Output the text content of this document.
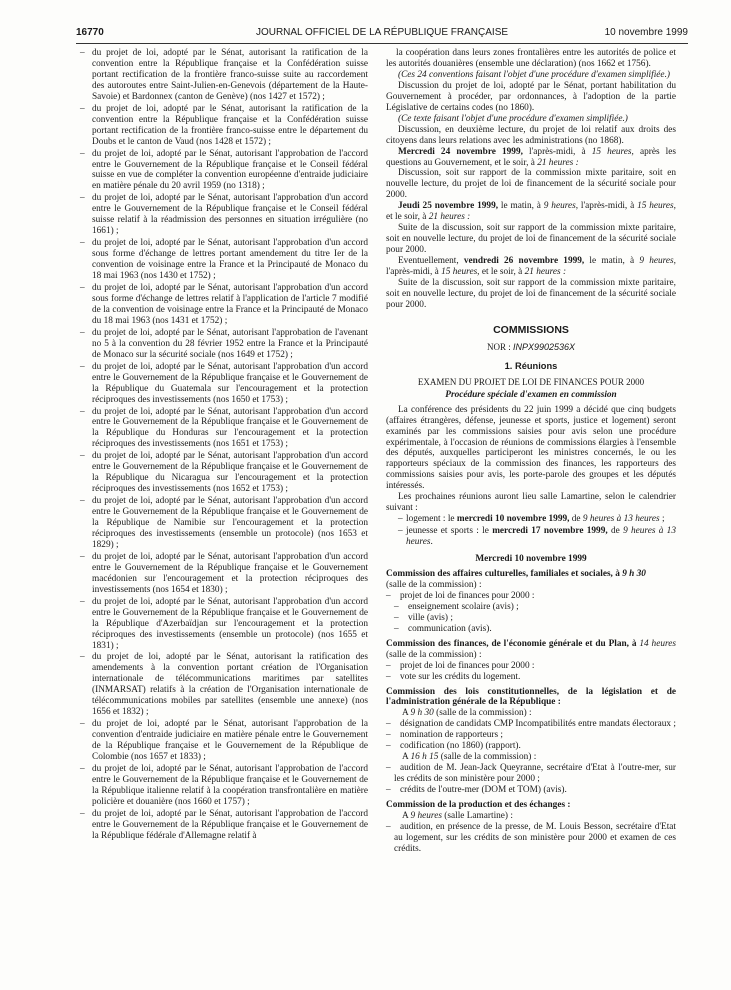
16770	JOURNAL OFFICIEL DE LA RÉPUBLIQUE FRANÇAISE	10 novembre 1999
– du projet de loi, adopté par le Sénat, autorisant la ratification de la convention entre la République française et la Confédération suisse portant rectification de la frontière franco-suisse suite au raccordement des autoroutes entre Saint-Julien-en-Genevois (département de la Haute-Savoie) et Bardonnex (canton de Genève) (nos 1427 et 1572) ;
– du projet de loi, adopté par le Sénat, autorisant la ratification de la convention entre la République française et la Confédération suisse portant rectification de la frontière franco-suisse entre le département du Doubs et le canton de Vaud (nos 1428 et 1572) ;
– du projet de loi, adopté par le Sénat, autorisant l'approbation de l'accord entre le Gouvernement de la République française et le Conseil fédéral suisse en vue de compléter la convention européenne d'entraide judiciaire en matière pénale du 20 avril 1959 (no 1318) ;
– du projet de loi, adopté par le Sénat, autorisant l'approbation d'un accord entre le Gouvernement de la République française et le Conseil fédéral suisse relatif à la réadmission des personnes en situation irrégulière (no 1661) ;
– du projet de loi, adopté par le Sénat, autorisant l'approbation d'un accord sous forme d'échange de lettres portant amendement du titre Ier de la convention de voisinage entre la France et la Principauté de Monaco du 18 mai 1963 (nos 1430 et 1752) ;
– du projet de loi, adopté par le Sénat, autorisant l'approbation d'un accord sous forme d'échange de lettres relatif à l'application de l'article 7 modifié de la convention de voisinage entre la France et la Principauté de Monaco du 18 mai 1963 (nos 1431 et 1752) ;
– du projet de loi, adopté par le Sénat, autorisant l'approbation de l'avenant no 5 à la convention du 28 février 1952 entre la France et la Principauté de Monaco sur la sécurité sociale (nos 1649 et 1752) ;
– du projet de loi, adopté par le Sénat, autorisant l'approbation d'un accord entre le Gouvernement de la République française et le Gouvernement de la République du Guatemala sur l'encouragement et la protection réciproques des investissements (nos 1650 et 1753) ;
– du projet de loi, adopté par le Sénat, autorisant l'approbation d'un accord entre le Gouvernement de la République française et le Gouvernement de la République du Honduras sur l'encouragement et la protection réciproques des investissements (nos 1651 et 1753) ;
– du projet de loi, adopté par le Sénat, autorisant l'approbation d'un accord entre le Gouvernement de la République française et le Gouvernement de la République du Nicaragua sur l'encouragement et la protection réciproques des investissements (nos 1652 et 1753) ;
– du projet de loi, adopté par le Sénat, autorisant l'approbation d'un accord entre le Gouvernement de la République française et le Gouvernement de la République de Namibie sur l'encouragement et la protection réciproques des investissements (ensemble un protocole) (nos 1653 et 1829) ;
– du projet de loi, adopté par le Sénat, autorisant l'approbation d'un accord entre le Gouvernement de la République française et le Gouvernement macédonien sur l'encouragement et la protection réciproques des investissements (nos 1654 et 1830) ;
– du projet de loi, adopté par le Sénat, autorisant l'approbation d'un accord entre le Gouvernement de la République française et le Gouvernement de la République d'Azerbaïdjan sur l'encouragement et la protection réciproques des investissements (ensemble un protocole) (nos 1655 et 1831) ;
– du projet de loi, adopté par le Sénat, autorisant la ratification des amendements à la convention portant création de l'Organisation internationale de télécommunications maritimes par satellites (INMARSAT) relatifs à la création de l'Organisation internationale de télécommunications mobiles par satellites (ensemble une annexe) (nos 1656 et 1832) ;
– du projet de loi, adopté par le Sénat, autorisant l'approbation de la convention d'entraide judiciaire en matière pénale entre le Gouvernement de la République française et le Gouvernement de la République de Colombie (nos 1657 et 1833) ;
– du projet de loi, adopté par le Sénat, autorisant l'approbation de l'accord entre le Gouvernement de la République française et le Gouvernement de la République italienne relatif à la coopération transfrontalière en matière policière et douanière (nos 1660 et 1757) ;
– du projet de loi, adopté par le Sénat, autorisant l'approbation de l'accord entre le Gouvernement de la République française et le Gouvernement de la République fédérale d'Allemagne relatif à

la coopération dans leurs zones frontalières entre les autorités de police et les autorités douanières (ensemble une déclaration) (nos 1662 et 1756).

(Ces 24 conventions faisant l'objet d'une procédure d'examen simplifiée.)

Discussion du projet de loi, adopté par le Sénat, portant habilitation du Gouvernement à procéder, par ordonnances, à l'adoption de la partie Législative de certains codes (no 1860).

(Ce texte faisant l'objet d'une procédure d'examen simplifiée.)

Discussion, en deuxième lecture, du projet de loi relatif aux droits des citoyens dans leurs relations avec les administrations (no 1868).

Mercredi 24 novembre 1999, l'après-midi, à 15 heures, après les questions au Gouvernement, et le soir, à 21 heures :

Discussion, soit sur rapport de la commission mixte paritaire, soit en nouvelle lecture, du projet de loi de financement de la sécurité sociale pour 2000.

Jeudi 25 novembre 1999, le matin, à 9 heures, l'après-midi, à 15 heures, et le soir, à 21 heures :

Suite de la discussion, soit sur rapport de la commission mixte paritaire, soit en nouvelle lecture, du projet de loi de financement de la sécurité sociale pour 2000.

Eventuellement, vendredi 26 novembre 1999, le matin, à 9 heures, l'après-midi, à 15 heures, et le soir, à 21 heures :

Suite de la discussion, soit sur rapport de la commission mixte paritaire, soit en nouvelle lecture, du projet de loi de financement de la sécurité sociale pour 2000.

COMMISSIONS

NOR : INPX9902536X

1. Réunions

EXAMEN DU PROJET DE LOI DE FINANCES POUR 2000

Procédure spéciale d'examen en commission

La conférence des présidents du 22 juin 1999 a décidé que cinq budgets (affaires étrangères, défense, jeunesse et sports, justice et logement) seront examinés par les commissions saisies pour avis selon une procédure expérimentale, à l'occasion de réunions de commissions élargies à l'ensemble des députés, auxquelles participeront les ministres concernés, le ou les rapporteurs spéciaux de la commission des finances, les rapporteurs des commissions saisies pour avis, les porte-parole des groupes et les députés intéressés.

Les prochaines réunions auront lieu salle Lamartine, selon le calendrier suivant :

– logement : le mercredi 10 novembre 1999, de 9 heures à 13 heures ;
– jeunesse et sports : le mercredi 17 novembre 1999, de 9 heures à 13 heures.

Mercredi 10 novembre 1999

Commission des affaires culturelles, familiales et sociales, à 9 h 30

(salle de la commission) :

– projet de loi de finances pour 2000 :
– enseignement scolaire (avis) ;
– ville (avis) ;
– communication (avis).

Commission des finances, de l'économie générale et du Plan, à 14 heures (salle de la commission) :

– projet de loi de finances pour 2000 :
– vote sur les crédits du logement.

Commission des lois constitutionnelles, de la législation et de l'administration générale de la République :

A 9 h 30 (salle de la commission) :

– désignation de candidats CMP Incompatibilités entre mandats électoraux ;
– nomination de rapporteurs ;
– codification (no 1860) (rapport).

A 16 h 15 (salle de la commission) :

– audition de M. Jean-Jack Queyranne, secrétaire d'Etat à l'outre-mer, sur les crédits de son ministère pour 2000 ;
– crédits de l'outre-mer (DOM et TOM) (avis).

Commission de la production et des échanges :

A 9 heures (salle Lamartine) :

– audition, en présence de la presse, de M. Louis Besson, secrétaire d'Etat au logement, sur les crédits de son ministère pour 2000 et examen de ces crédits.
